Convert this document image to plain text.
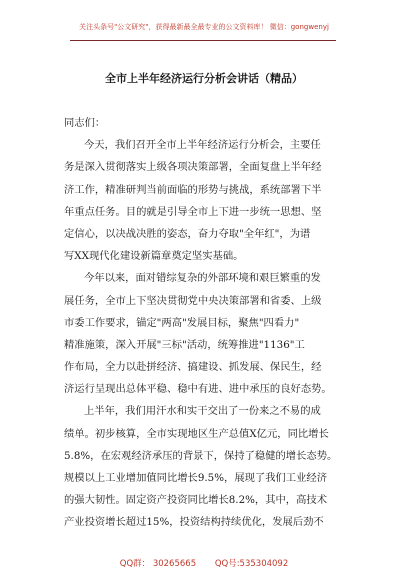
关注头条号"公文研究"，获得最新最全最专业的公文资料库！ 微信：gongwenyj
全市上半年经济运行分析会讲话（精品）
同志们：
今天，我们召开全市上半年经济运行分析会，主要任
务是深入贯彻落实上级各项决策部署，全面复盘上半年经
济工作，精准研判当前面临的形势与挑战，系统部署下半
年重点任务。目的就是引导全市上下进一步统一思想、坚
定信心，以决战决胜的姿态，奋力夺取"全年红"，为谱
写XX现代化建设新篇章奠定坚实基础。
今年以来，面对错综复杂的外部环境和艰巨繁重的发
展任务，全市上下坚决贯彻党中央决策部署和省委、上级
市委工作要求，锚定"两高"发展目标，聚焦"四看力"
精准施策，深入开展"三标"活动，统筹推进"1136"工
作布局，全力以赴拼经济、搞建设、抓发展、保民生，经
济运行呈现出总体平稳、稳中有进、进中承压的良好态势。
上半年，我们用汗水和实干交出了一份来之不易的成
绩单。初步核算，全市实现地区生产总值X亿元，同比增长
5.8%，在宏观经济承压的背景下，保持了稳健的增长态势。
规模以上工业增加值同比增长9.5%，展现了我们工业经济
的强大韧性。固定资产投资同比增长8.2%，其中，高技术
产业投资增长超过15%，投资结构持续优化，发展后劲不
QQ群： 30265665 QQ号:535304092
